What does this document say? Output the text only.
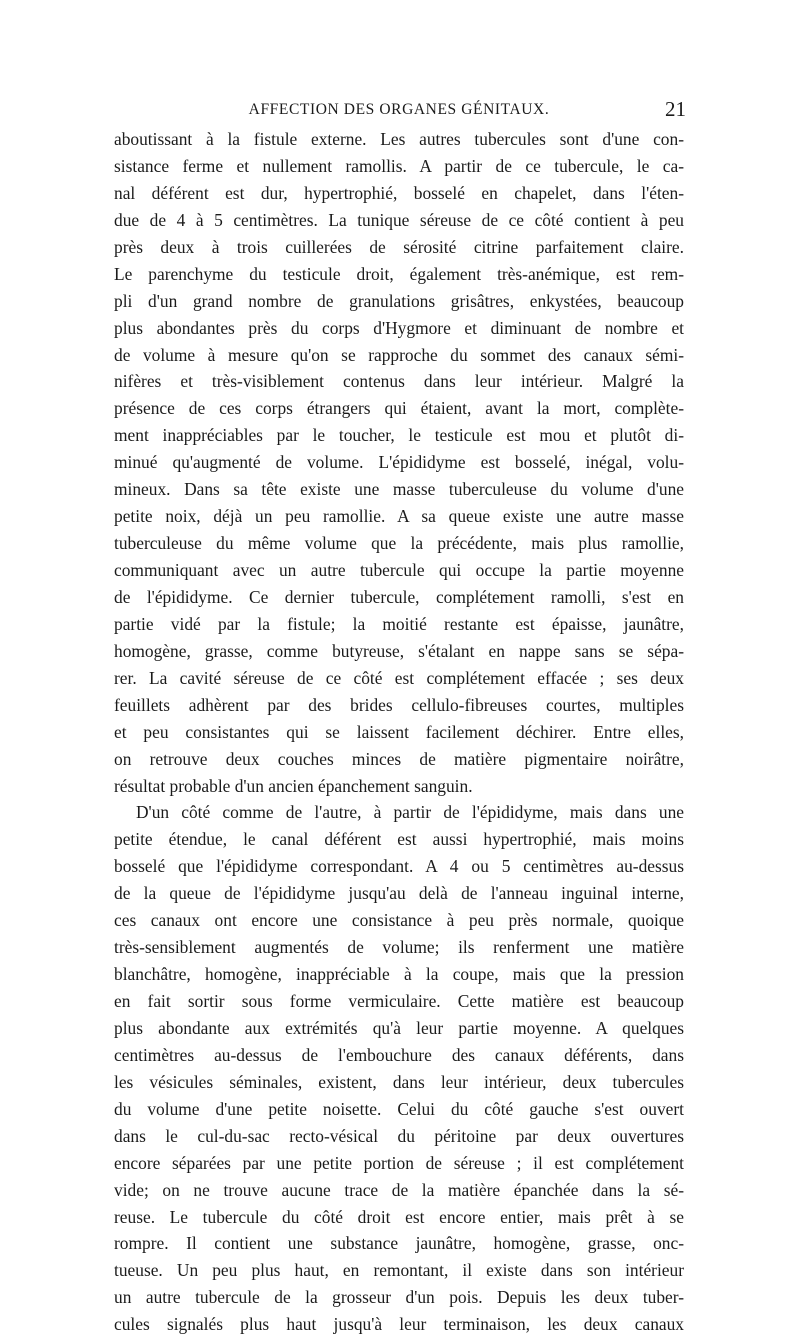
AFFECTION DES ORGANES GÉNITAUX.	21
aboutissant à la fistule externe. Les autres tubercules sont d'une con-
sistance ferme et nullement ramollis. A partir de ce tubercule, le ca-
nal déférent est dur, hypertrophié, bosselé en chapelet, dans l'éten-
due de 4 à 5 centimètres. La tunique séreuse de ce côté contient à peu
près deux à trois cuillerées de sérosité citrine parfaitement claire.
Le parenchyme du testicule droit, également très-anémique, est rem-
pli d'un grand nombre de granulations grisâtres, enkystées, beaucoup
plus abondantes près du corps d'Hygmore et diminuant de nombre et
de volume à mesure qu'on se rapproche du sommet des canaux sémi-
nifères et très-visiblement contenus dans leur intérieur. Malgré la
présence de ces corps étrangers qui étaient, avant la mort, complète-
ment inappréciables par le toucher, le testicule est mou et plutôt di-
minué qu'augmenté de volume. L'épididyme est bosselé, inégal, volu-
mineux. Dans sa tête existe une masse tuberculeuse du volume d'une
petite noix, déjà un peu ramollie. A sa queue existe une autre masse
tuberculeuse du même volume que la précédente, mais plus ramollie,
communiquant avec un autre tubercule qui occupe la partie moyenne
de l'épididyme. Ce dernier tubercule, complétement ramolli, s'est en
partie vidé par la fistule; la moitié restante est épaisse, jaunâtre,
homogène, grasse, comme butyreuse, s'étalant en nappe sans se sépa-
rer. La cavité séreuse de ce côté est complétement effacée ; ses deux
feuillets adhèrent par des brides cellulo-fibreuses courtes, multiples
et peu consistantes qui se laissent facilement déchirer. Entre elles,
on retrouve deux couches minces de matière pigmentaire noirâtre,
résultat probable d'un ancien épanchement sanguin.
D'un côté comme de l'autre, à partir de l'épididyme, mais dans une
petite étendue, le canal déférent est aussi hypertrophié, mais moins
bosselé que l'épididyme correspondant. A 4 ou 5 centimètres au-dessus
de la queue de l'épididyme jusqu'au delà de l'anneau inguinal interne,
ces canaux ont encore une consistance à peu près normale, quoique
très-sensiblement augmentés de volume; ils renferment une matière
blanchâtre, homogène, inappréciable à la coupe, mais que la pression
en fait sortir sous forme vermiculaire. Cette matière est beaucoup
plus abondante aux extrémités qu'à leur partie moyenne. A quelques
centimètres au-dessus de l'embouchure des canaux déférents, dans
les vésicules séminales, existent, dans leur intérieur, deux tubercules
du volume d'une petite noisette. Celui du côté gauche s'est ouvert
dans le cul-du-sac recto-vésical du péritoine par deux ouvertures
encore séparées par une petite portion de séreuse ; il est complétement
vide; on ne trouve aucune trace de la matière épanchée dans la sé-
reuse. Le tubercule du côté droit est encore entier, mais prêt à se
rompre. Il contient une substance jaunâtre, homogène, grasse, onc-
tueuse. Un peu plus haut, en remontant, il existe dans son intérieur
un autre tubercule de la grosseur d'un pois. Depuis les deux tuber-
cules signalés plus haut jusqu'à leur terminaison, les deux canaux
